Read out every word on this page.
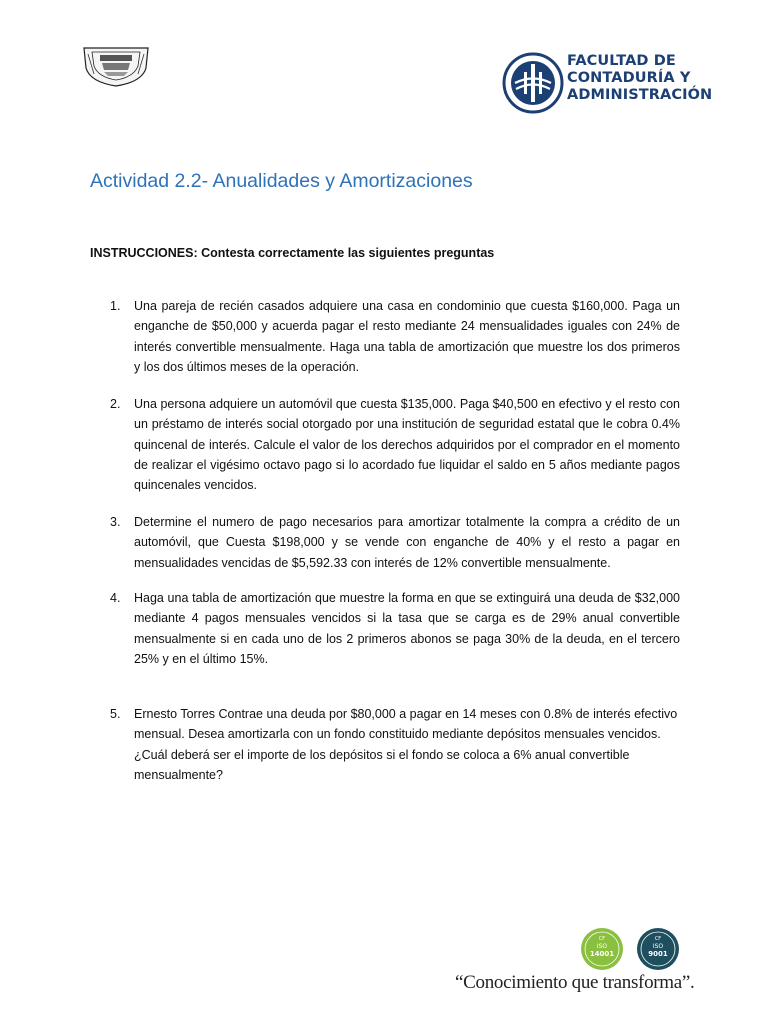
FACULTAD DE
CONTADURÍA Y
ADMINISTRACIÓN
Actividad 2.2- Anualidades y Amortizaciones
INSTRUCCIONES: Contesta correctamente las siguientes preguntas
1. Una pareja de recién casados adquiere una casa en condominio que cuesta $160,000. Paga un enganche de $50,000 y acuerda pagar el resto mediante 24 mensualidades iguales con 24% de interés convertible mensualmente. Haga una tabla de amortización que muestre los dos primeros y los dos últimos meses de la operación.
2. Una persona adquiere un automóvil que cuesta $135,000. Paga $40,500 en efectivo y el resto con un préstamo de interés social otorgado por una institución de seguridad estatal que le cobra 0.4% quincenal de interés. Calcule el valor de los derechos adquiridos por el comprador en el momento de realizar el vigésimo octavo pago si lo acordado fue liquidar el saldo en 5 años mediante pagos quincenales vencidos.
3. Determine el numero de pago necesarios para amortizar totalmente la compra a crédito de un automóvil, que Cuesta $198,000 y se vende con enganche de 40% y el resto a pagar en mensualidades vencidas de $5,592.33 con interés de 12% convertible mensualmente.
4. Haga una tabla de amortización que muestre la forma en que se extinguirá una deuda de $32,000 mediante 4 pagos mensuales vencidos si la tasa que se carga es de 29% anual convertible mensualmente si en cada uno de los 2 primeros abonos se paga 30% de la deuda, en el tercero 25% y en el último 15%.
5. Ernesto Torres Contrae una deuda por $80,000 a pagar en 14 meses con 0.8% de interés efectivo mensual. Desea amortizarla con un fondo constituido mediante depósitos mensuales vencidos. ¿Cuál deberá ser el importe de los depósitos si el fondo se coloca a 6% anual convertible mensualmente?
CF
ISO
14001
CF
ISO
9001
“Conocimiento que transforma”.
